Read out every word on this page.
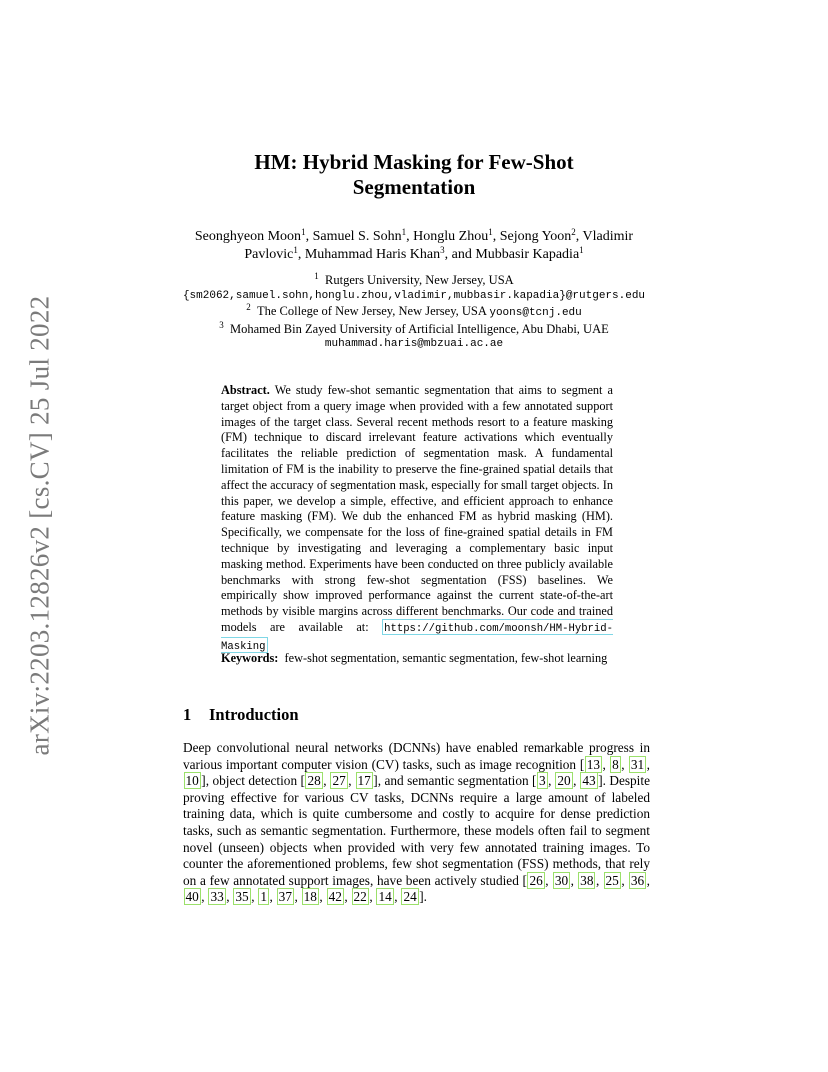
arXiv:2203.12826v2 [cs.CV] 25 Jul 2022
HM: Hybrid Masking for Few-Shot
Segmentation
Seonghyeon Moon$^1$, Samuel S. Sohn$^1$, Honglu Zhou$^1$, Sejong Yoon$^2$, Vladimir Pavlovic$^1$, Muhammad Haris Khan$^3$, and Mubbasir Kapadia$^1$
$^1$ Rutgers University, New Jersey, USA
{sm2062,samuel.sohn,honglu.zhou,vladimir,mubbasir.kapadia}@rutgers.edu
$^2$ The College of New Jersey, New Jersey, USA yoons@tcnj.edu
$^3$ Mohamed Bin Zayed University of Artificial Intelligence, Abu Dhabi, UAE
muhammad.haris@mbzuai.ac.ae
Abstract. We study few-shot semantic segmentation that aims to segment a target object from a query image when provided with a few annotated support images of the target class. Several recent methods resort to a feature masking (FM) technique to discard irrelevant feature activations which eventually facilitates the reliable prediction of segmentation mask. A fundamental limitation of FM is the inability to preserve the fine-grained spatial details that affect the accuracy of segmentation mask, especially for small target objects. In this paper, we develop a simple, effective, and efficient approach to enhance feature masking (FM). We dub the enhanced FM as hybrid masking (HM). Specifically, we compensate for the loss of fine-grained spatial details in FM technique by investigating and leveraging a complementary basic input masking method. Experiments have been conducted on three publicly available benchmarks with strong few-shot segmentation (FSS) baselines. We empirically show improved performance against the current state-of-the-art methods by visible margins across different benchmarks. Our code and trained models are available at: https://github.com/moonsh/HM-Hybrid-Masking
Keywords: few-shot segmentation, semantic segmentation, few-shot learning
1 Introduction
Deep convolutional neural networks (DCNNs) have enabled remarkable progress in various important computer vision (CV) tasks, such as image recognition [ 13 , 8 , 31 , 10 ], object detection [ 28 , 27 , 17 ], and semantic segmentation [ 3 , 20 , 43 ]. Despite proving effective for various CV tasks, DCNNs require a large amount of labeled training data, which is quite cumbersome and costly to acquire for dense prediction tasks, such as semantic segmentation. Furthermore, these models often fail to segment novel (unseen) objects when provided with very few annotated training images. To counter the aforementioned problems, few shot segmentation (FSS) methods, that rely on a few annotated support images, have been actively studied [ 26 , 30 , 38 , 25 , 36 , 40 , 33 , 35 , 1 , 37 , 18 , 42 , 22 , 14 , 24 ].
